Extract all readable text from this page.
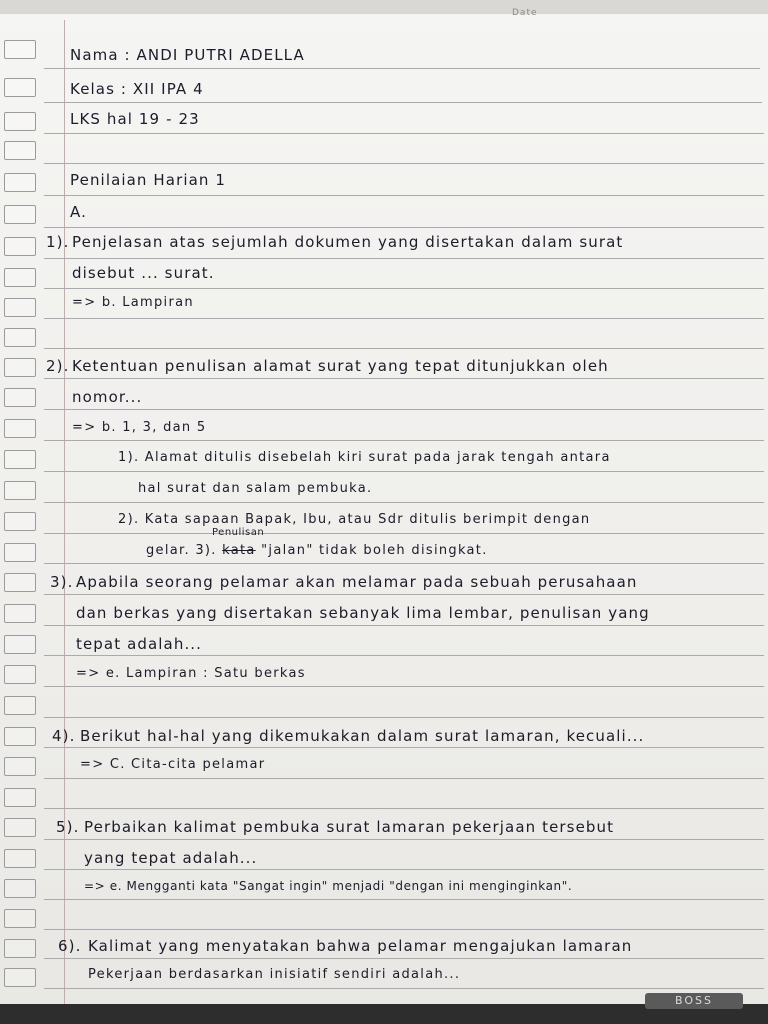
Date
Nama : ANDI PUTRI ADELLA
Kelas : XII IPA 4
LKS hal 19 - 23
Penilaian Harian 1
A.
1). Penjelasan atas sejumlah dokumen yang disertakan dalam surat
disebut ... surat.
=> b. Lampiran
2). Ketentuan penulisan alamat surat yang tepat ditunjukkan oleh
nomor...
=> b. 1, 3, dan 5
1). Alamat ditulis disebelah kiri surat pada jarak tengah antara
hal surat dan salam pembuka.
2). Kata sapaan Bapak, Ibu, atau Sdr ditulis berimpit dengan
gelar. 3). kata "jalan" tidak boleh disingkat.
Penulisan
3). Apabila seorang pelamar akan melamar pada sebuah perusahaan
dan berkas yang disertakan sebanyak lima lembar, penulisan yang
tepat adalah...
=> e. Lampiran : Satu berkas
4). Berikut hal-hal yang dikemukakan dalam surat lamaran, kecuali...
=> C. Cita-cita pelamar
5). Perbaikan kalimat pembuka surat lamaran pekerjaan tersebut
yang tepat adalah...
=> e. Mengganti kata "Sangat ingin" menjadi "dengan ini menginginkan".
6). Kalimat yang menyatakan bahwa pelamar mengajukan lamaran
Pekerjaan berdasarkan inisiatif sendiri adalah...
BOSS
